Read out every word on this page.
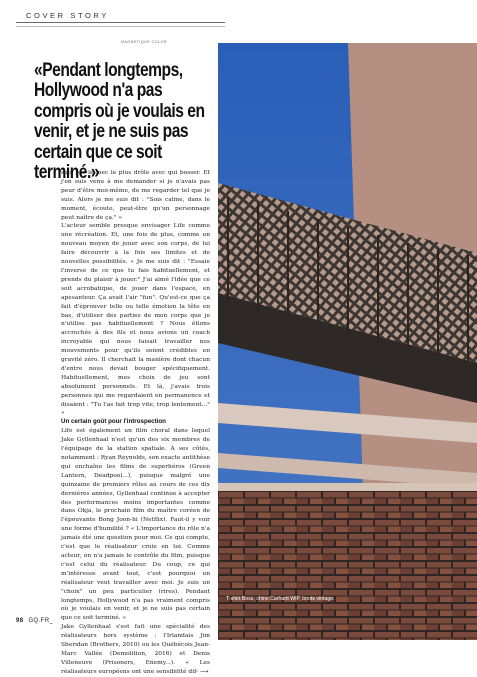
COVER STORY
MAGNETIQUE COLOR
«Pendant longtemps, Hollywood n'a pas compris où je voulais en venir, et je ne suis pas certain que ce soit terminé.»

suis pas le mec le plus drôle avec qui bosser. Et j'en suis venu à me demander si je n'avais pas peur d'être moi-même, de me regarder tel que je suis. Alors je me suis dit : "Sois calme, dans le moment, écoute, peut-être qu'un personnage peut naître de ça." »

L'acteur semble presque envisager Life comme une récréation. Et, une fois de plus, comme un nouveau moyen de jouer avec son corps, de lui faire découvrir à la fois ses limites et de nouvelles possibilités. « Je me suis dit : "Essaie l'inverse de ce que tu fais habituellement, et prends du plaisir à jouer." J'ai aimé l'idée que ce soit acrobatique, de jouer dans l'espace, en apesanteur. Ça avait l'air "fun". Qu'est-ce que ça fait d'éprouver telle ou telle émotion la tête en bas, d'utiliser des parties de mon corps que je n'utilise pas habituellement ? Nous étions accrochés à des fils et nous avions un coach incroyable qui nous faisait travailler nos mouvements pour qu'ils soient crédibles en gravité zéro. Il cherchait la manière dont chacun d'entre nous devait bouger spécifiquement. Habituellement, mes choix de jeu sont absolument personnels. Et là, j'avais trois personnes qui me regardaient en permanence et disaient : "Tu l'as fait trop vite, trop lentement..." »

Un certain goût pour l'introspection

Life est également un film choral dans lequel Jake Gyllenhaal n'est qu'un des six membres de l'équipage de la station spatiale. À ses côtés, notamment : Ryan Reynolds, son exacte antithèse qui enchaîne les films de superhéros (Green Lantern, Deadpool...), puisque malgré une quinzaine de premiers rôles au cours de ces dix dernières années, Gyllenhaal continue à accepter des performances moins importantes comme dans Okja, le prochain film du maître coréen de l'épouvante Bong Joon-hi (Netflix). Faut-il y voir une forme d'humilité ? « L'importance du rôle n'a jamais été une question pour moi. Ce qui compte, c'est que le réalisateur croie en toi. Comme acteur, on n'a jamais le contrôle du film, puisque c'est celui du réalisateur. Du coup, ce qui m'intéresse avant tout, c'est pourquoi un réalisateur veut travailler avec moi. Je suis un "choix" un peu particulier (rires). Pendant longtemps, Hollywood n'a pas vraiment compris où je voulais en venir, et je ne suis pas certain que ce soit terminé. »

Jake Gyllenhaal s'est fait une spécialité des réalisateurs hors système : l'Irlandais Jim Sheridan (Brothers, 2010) ou les Québécois Jean-Marc Vallée (Demolition, 2016) et Denis Villeneuve (Prisoners, Enemy...). « Les réalisateurs européens ont une sensibilité dif- ⟶

T-shirt Boss, chino Carhartt WIP, boots vintage.
98 GQ.FR_
